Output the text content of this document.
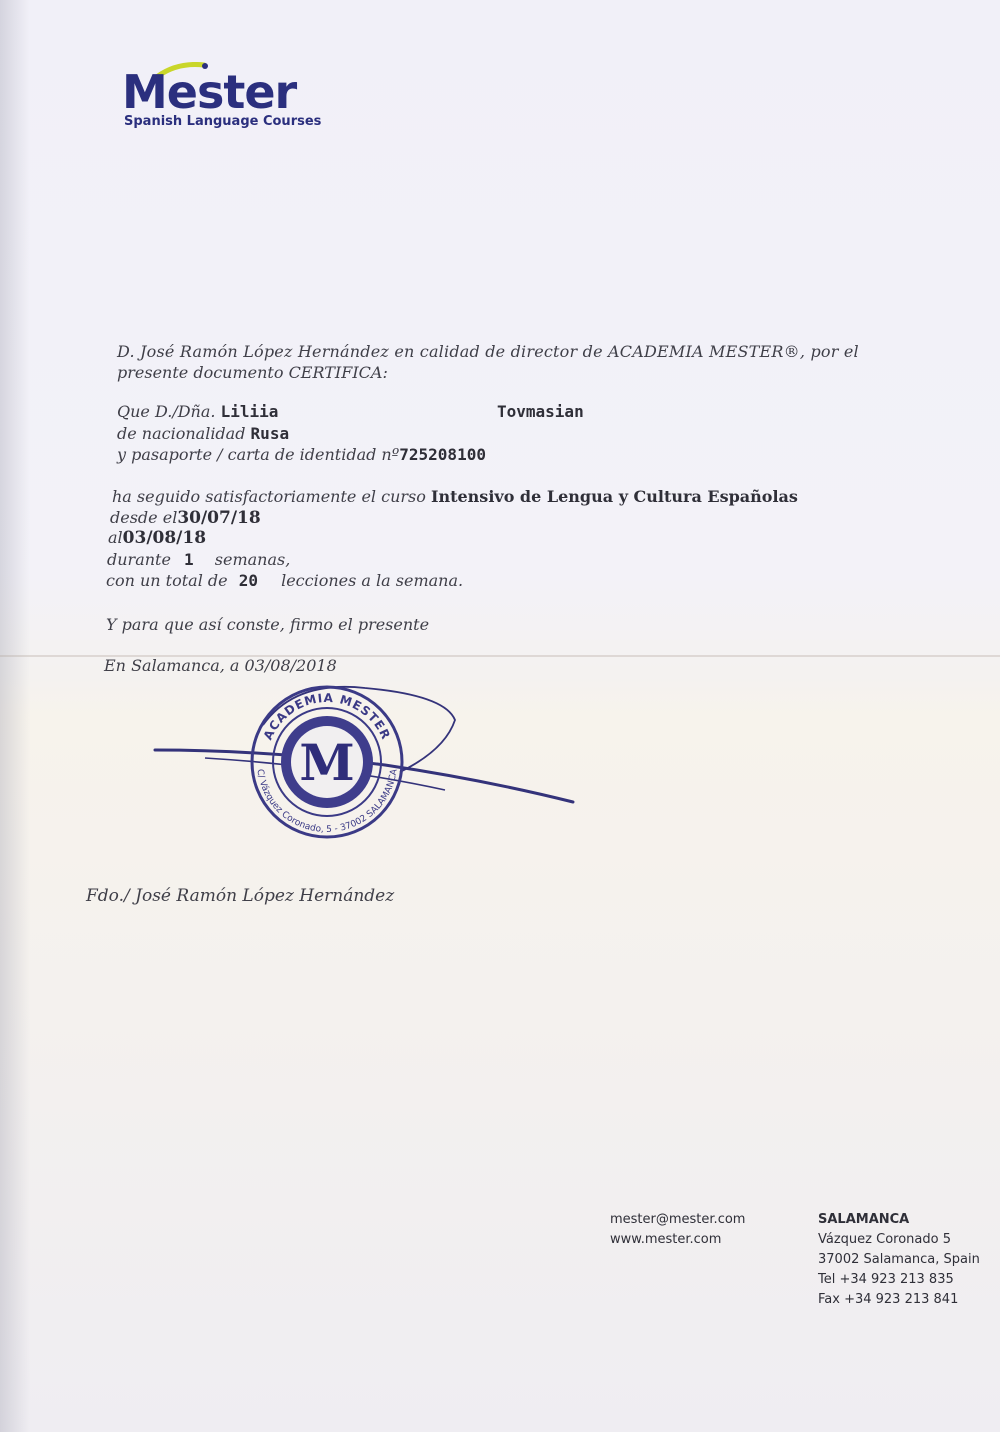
Mester
Spanish Language Courses
D. José Ramón López Hernández en calidad de director de ACADEMIA MESTER®, por el
presente documento CERTIFICA:
Que D./Dña. Liliia	Tovmasian
de nacionalidad Rusa
y pasaporte / carta de identidad nº725208100
ha seguido satisfactoriamente el curso Intensivo de Lengua y Cultura Españolas
desde el30/07/18
al03/08/18
durante 1 semanas,
con un total de 20 lecciones a la semana.
Y para que así conste, firmo el presente
En Salamanca, a 03/08/2018
M
ACADEMIA MESTER
C/ Vázquez Coronado, 5 - 37002 SALAMANCA
Fdo./ José Ramón López Hernández
mester@mester.com
www.mester.com
SALAMANCA
Vázquez Coronado 5
37002 Salamanca, Spain
Tel +34 923 213 835
Fax +34 923 213 841
